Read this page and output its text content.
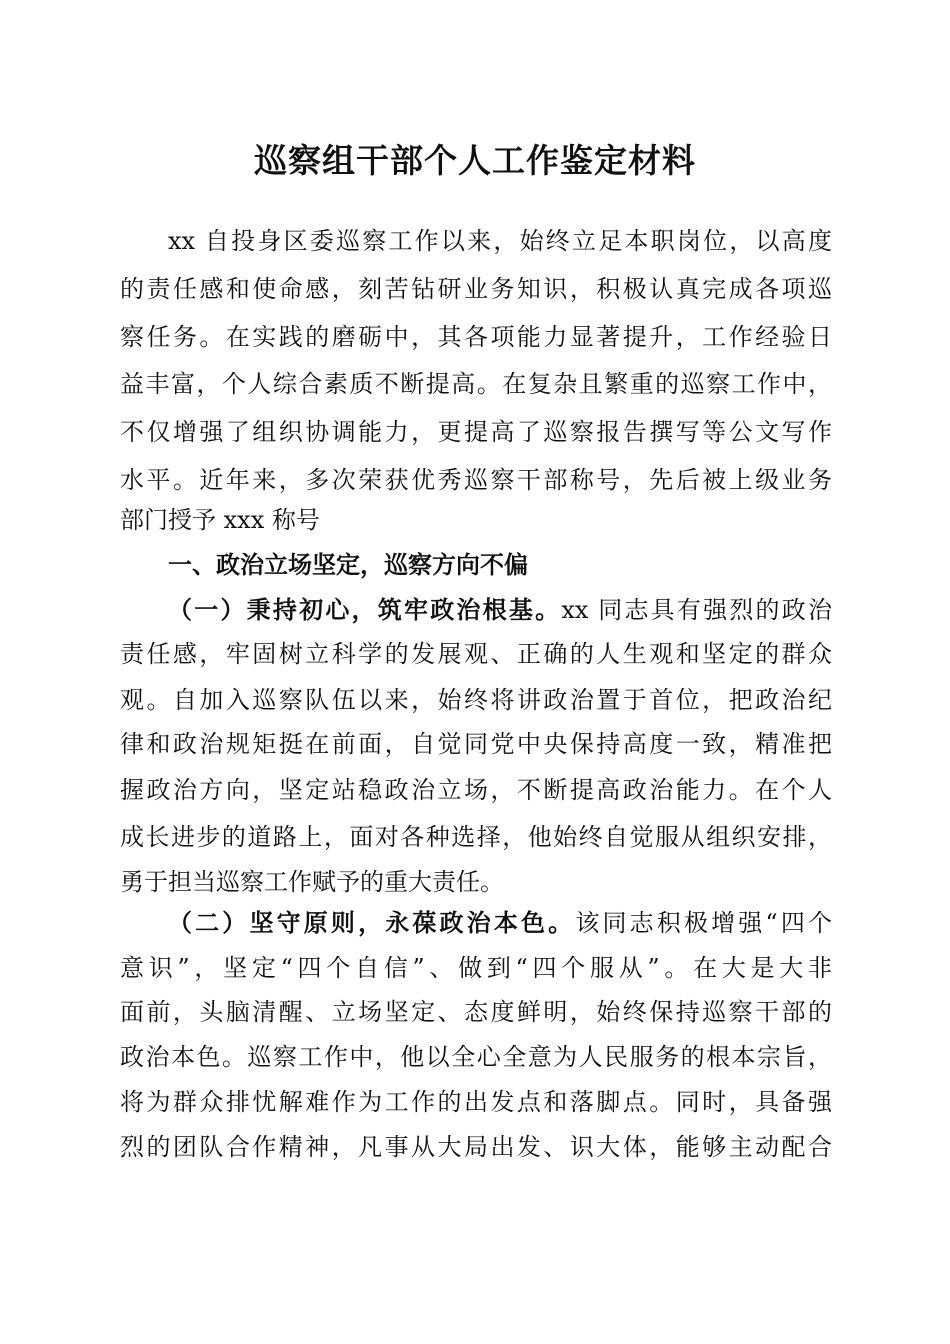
巡察组干部个人工作鉴定材料
xx 自投身区委巡察工作以来，始终立足本职岗位，以高度
的责任感和使命感，刻苦钻研业务知识，积极认真完成各项巡
察任务。在实践的磨砺中，其各项能力显著提升，工作经验日
益丰富，个人综合素质不断提高。在复杂且繁重的巡察工作中，
不仅增强了组织协调能力，更提高了巡察报告撰写等公文写作
水平。近年来，多次荣获优秀巡察干部称号，先后被上级业务
部门授予 xxx 称号
一、政治立场坚定，巡察方向不偏
（一）秉持初心，筑牢政治根基。xx 同志具有强烈的政治
责任感，牢固树立科学的发展观、正确的人生观和坚定的群众
观。自加入巡察队伍以来，始终将讲政治置于首位，把政治纪
律和政治规矩挺在前面，自觉同党中央保持高度一致，精准把
握政治方向，坚定站稳政治立场，不断提高政治能力。在个人
成长进步的道路上，面对各种选择，他始终自觉服从组织安排，
勇于担当巡察工作赋予的重大责任。
（二）坚守原则，永葆政治本色。该同志积极增强“四个
意识”，坚定“四个自信”、做到“四个服从”。在大是大非
面前，头脑清醒、立场坚定、态度鲜明，始终保持巡察干部的
政治本色。巡察工作中，他以全心全意为人民服务的根本宗旨，
将为群众排忧解难作为工作的出发点和落脚点。同时，具备强
烈的团队合作精神，凡事从大局出发、识大体，能够主动配合
